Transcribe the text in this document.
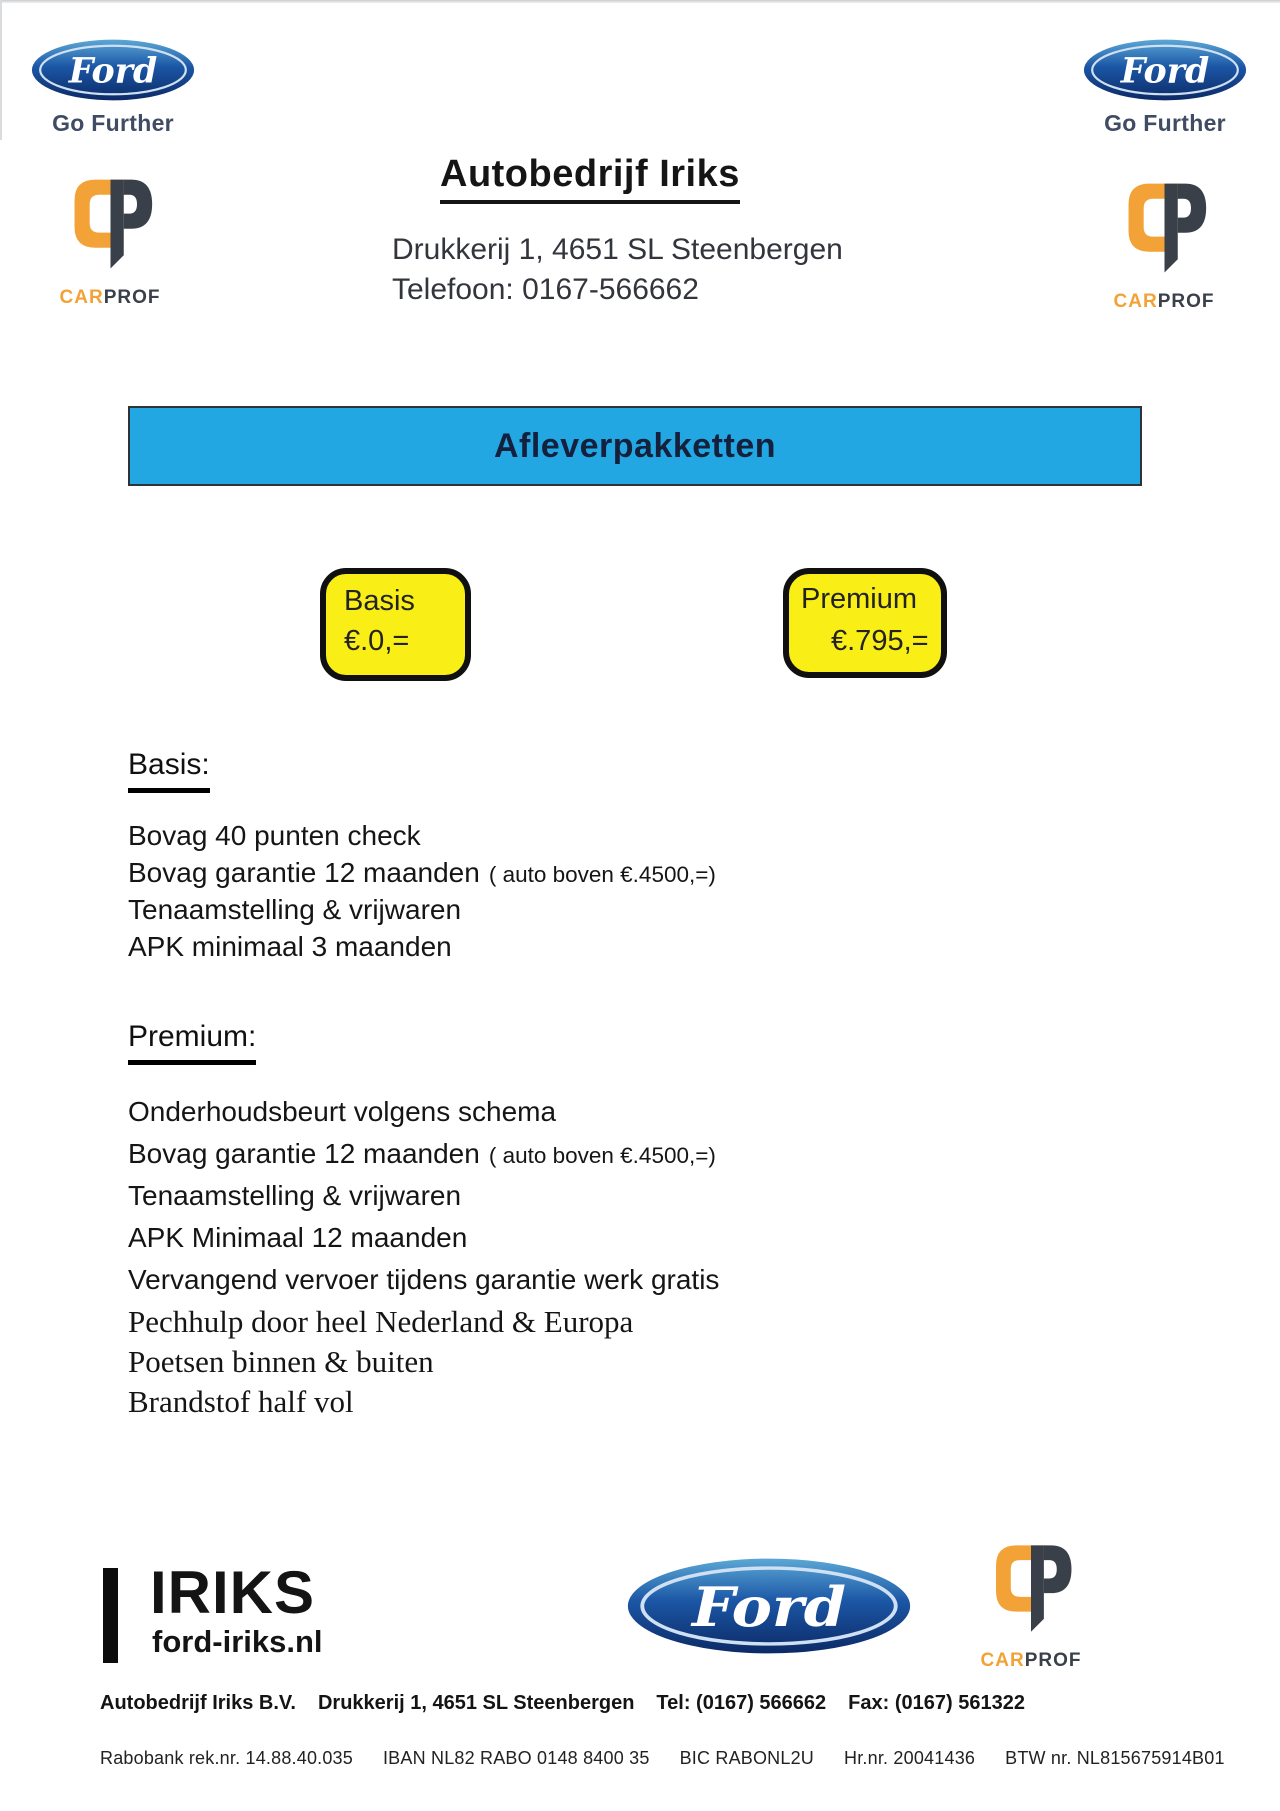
Ford
Go Further
CARPROF
Ford
Go Further
CARPROF
Autobedrijf Iriks
Drukkerij 1, 4651 SL Steenbergen
Telefoon: 0167-566662
Afleverpakketten
Basis
€.0,=
Premium
€.795,=
Basis:
Bovag 40 punten check
Bovag garantie 12 maanden ( auto boven €.4500,=)
Tenaamstelling & vrijwaren
APK minimaal 3 maanden
Premium:
Onderhoudsbeurt volgens schema
Bovag garantie 12 maanden ( auto boven €.4500,=)
Tenaamstelling & vrijwaren
APK Minimaal 12 maanden
Vervangend vervoer tijdens garantie werk gratis
Pechhulp door heel Nederland & Europa
Poetsen binnen & buiten
Brandstof half vol
IRIKS
ford-iriks.nl
Ford
CARPROF
Autobedrijf Iriks B.V. Drukkerij 1, 4651 SL Steenbergen Tel: (0167) 566662 Fax: (0167) 561322
Rabobank rek.nr. 14.88.40.035 IBAN NL82 RABO 0148 8400 35 BIC RABONL2U Hr.nr. 20041436 BTW nr. NL815675914B01
